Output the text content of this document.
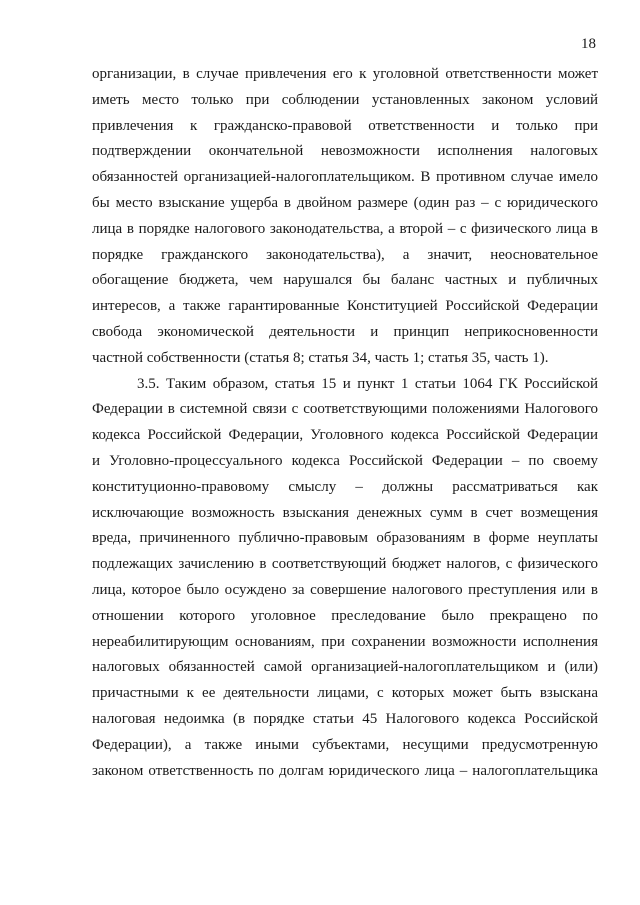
18
организации, в случае привлечения его к уголовной ответственности может
иметь место только при соблюдении установленных законом условий
привлечения к гражданско-правовой ответственности и только при
подтверждении окончательной невозможности исполнения налоговых
обязанностей организацией-налогоплательщиком. В противном случае имело
бы место взыскание ущерба в двойном размере (один раз – с юридического
лица в порядке налогового законодательства, а второй – с физического лица в
порядке гражданского законодательства), а значит, неосновательное
обогащение бюджета, чем нарушался бы баланс частных и публичных
интересов, а также гарантированные Конституцией Российской Федерации
свобода экономической деятельности и принцип неприкосновенности
частной собственности (статья 8; статья 34, часть 1; статья 35, часть 1).
3.5. Таким образом, статья 15 и пункт 1 статьи 1064 ГК Российской
Федерации в системной связи с соответствующими положениями Налогового
кодекса Российской Федерации, Уголовного кодекса Российской Федерации
и Уголовно-процессуального кодекса Российской Федерации – по своему
конституционно-правовому смыслу – должны рассматриваться как
исключающие возможность взыскания денежных сумм в счет возмещения
вреда, причиненного публично-правовым образованиям в форме неуплаты
подлежащих зачислению в соответствующий бюджет налогов, с физического
лица, которое было осуждено за совершение налогового преступления или в
отношении которого уголовное преследование было прекращено по
нереабилитирующим основаниям, при сохранении возможности исполнения
налоговых обязанностей самой организацией-налогоплательщиком и (или)
причастными к ее деятельности лицами, с которых может быть взыскана
налоговая недоимка (в порядке статьи 45 Налогового кодекса Российской
Федерации), а также иными субъектами, несущими предусмотренную
законом ответственность по долгам юридического лица – налогоплательщика
